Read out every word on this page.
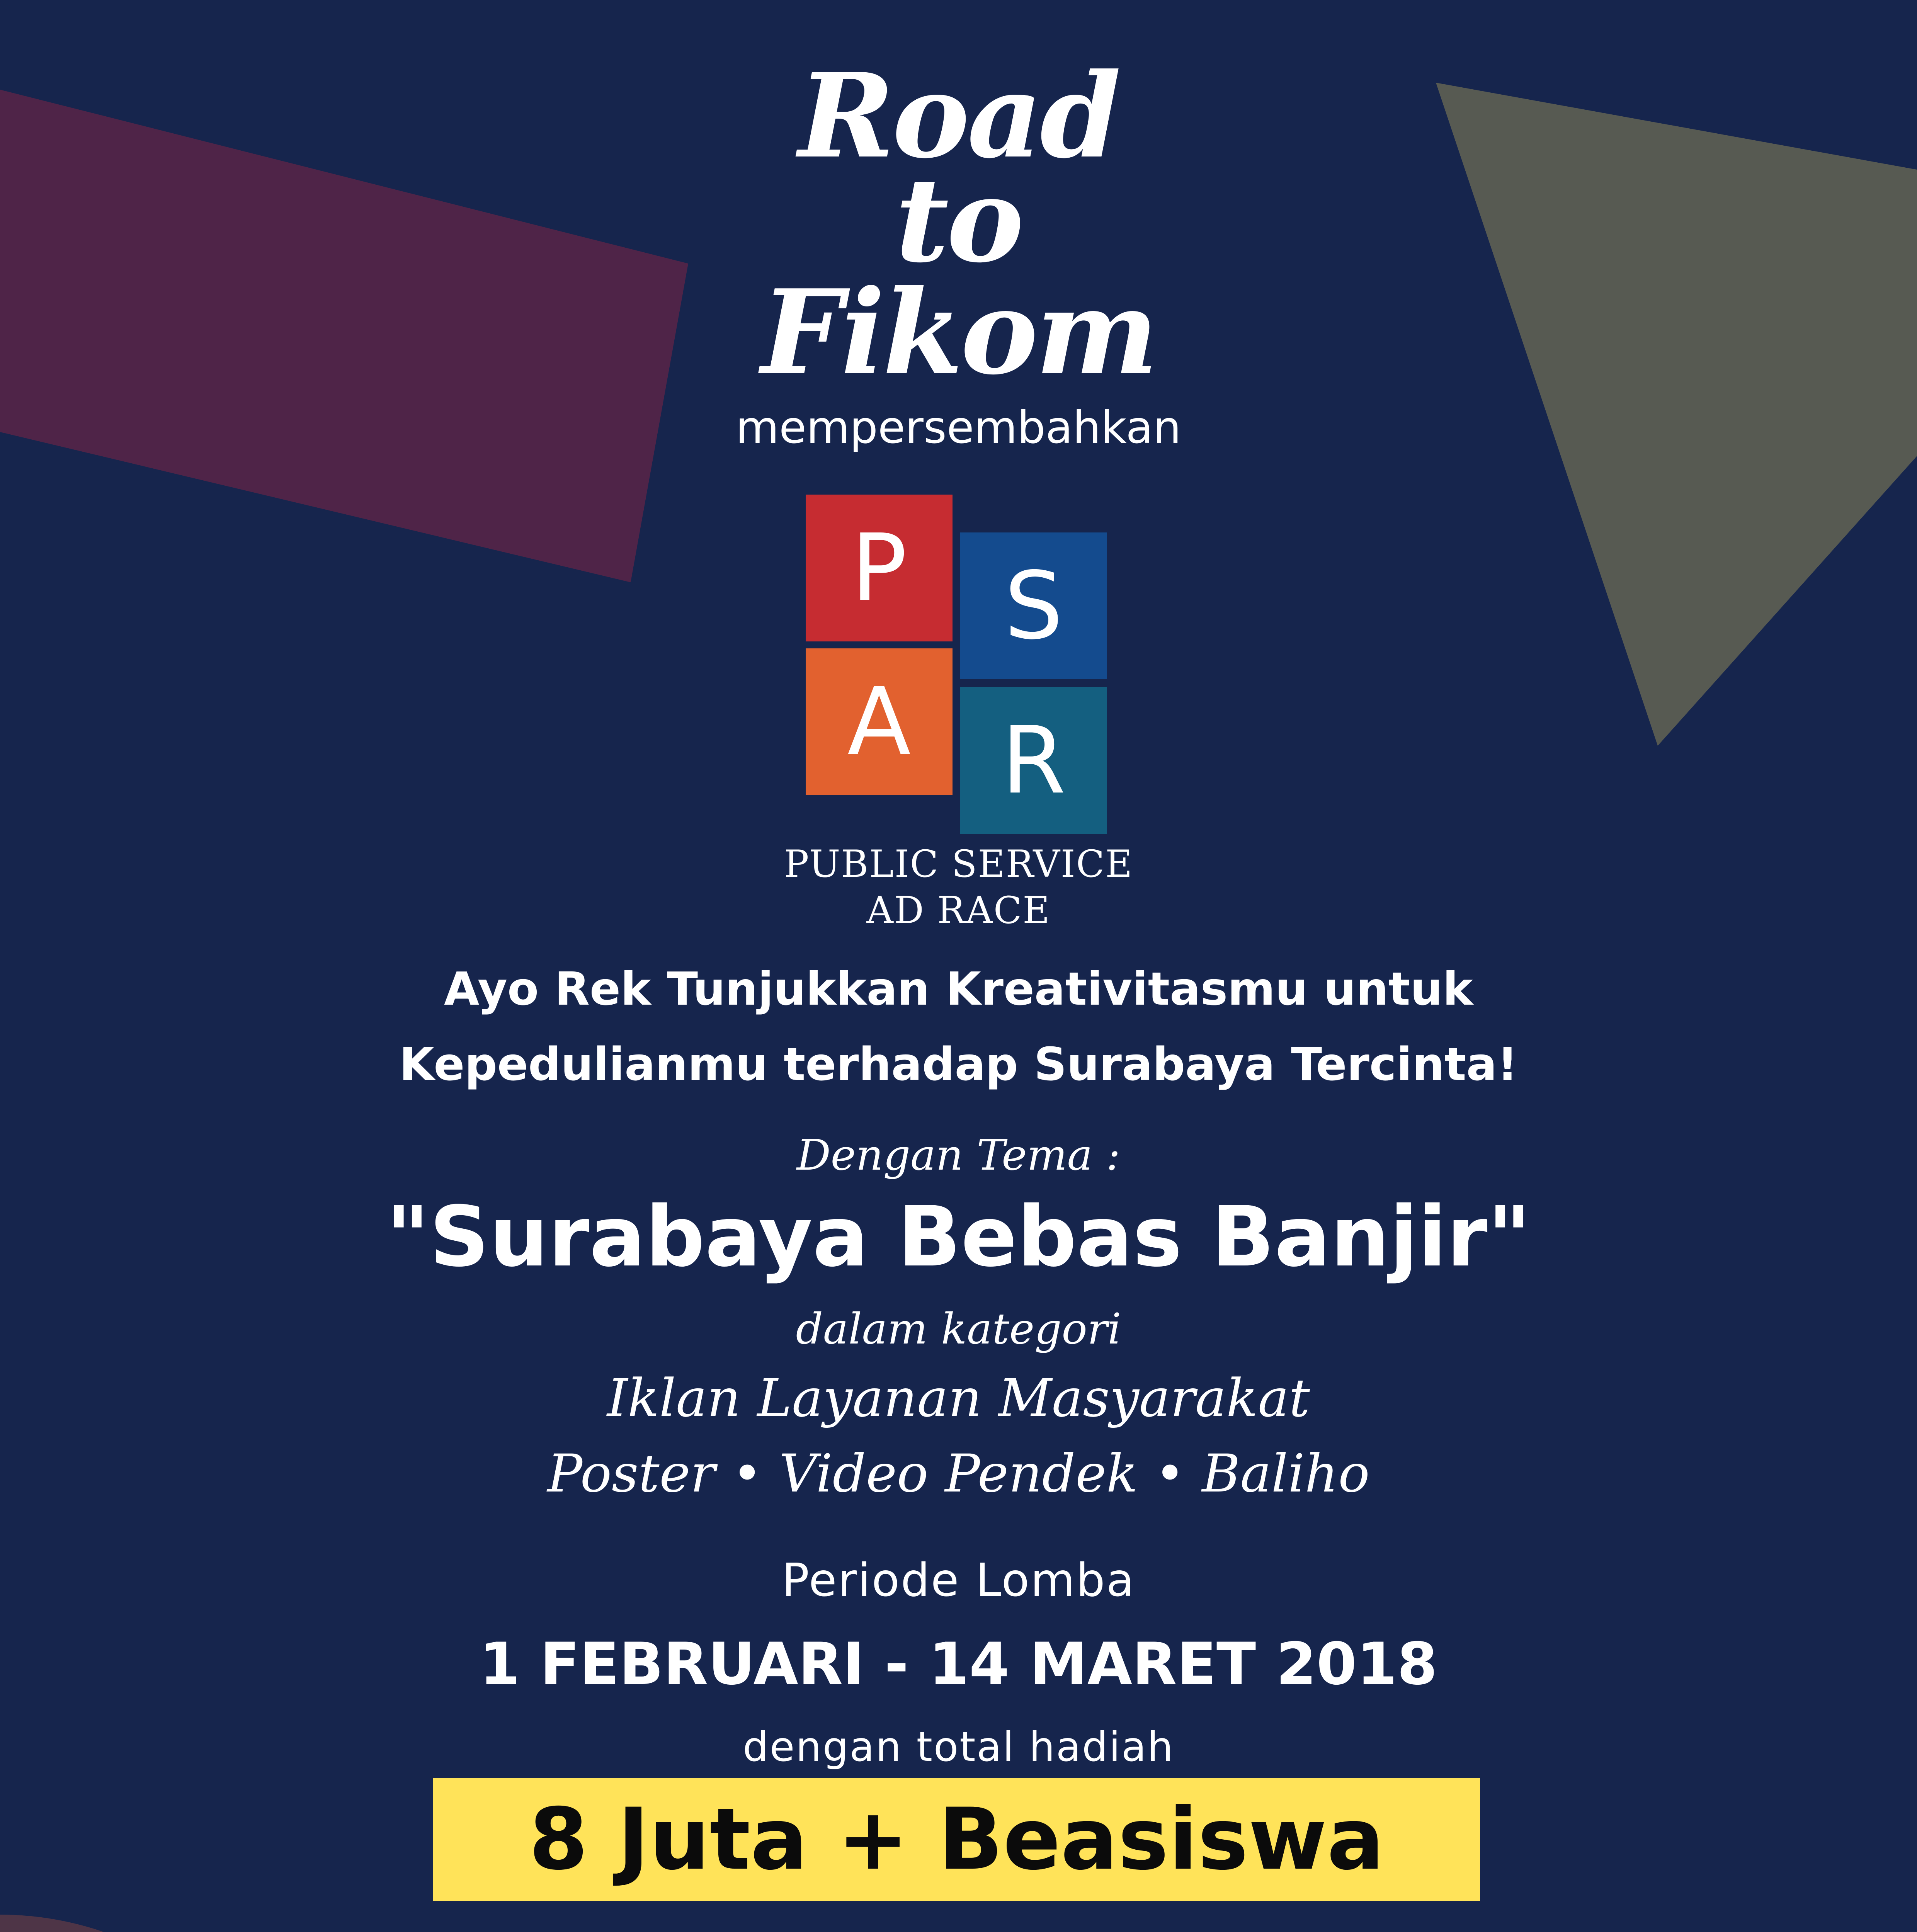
Road
to
Fikom
mempersembahkan
P	S
A R
PUBLIC SERVICE
AD RACE
Ayo Rek Tunjukkan Kreativitasmu untuk
Kepedulianmu terhadap Surabaya Tercinta!
Dengan Tema :
"Surabaya Bebas Banjir"
dalam kategori
Iklan Layanan Masyarakat
Poster • Video Pendek • Baliho
Periode Lomba
1 FEBRUARI - 14 MARET 2018
dengan total hadiah
8 Juta + Beasiswa
